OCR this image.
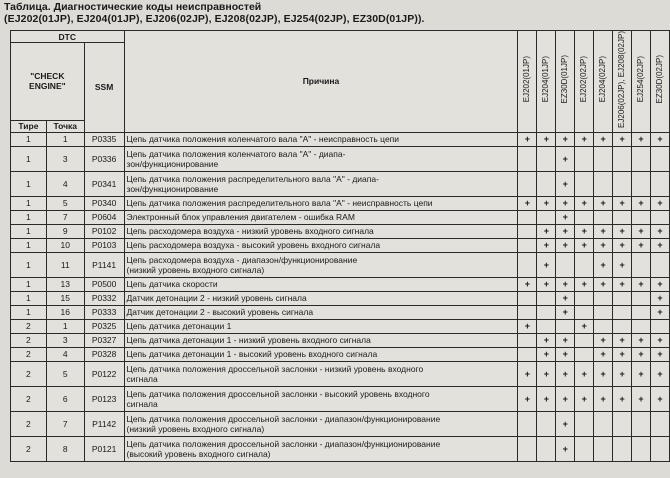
Таблица. Диагностические коды неисправностей
(EJ202(01JP), EJ204(01JP), EJ206(02JP), EJ208(02JP), EJ254(02JP), EZ30D(01JP)).
DTC			Причина	EJ202(01JP)	EJ204(01JP)	EZ30D(01JP)	EJ202(02JP)	EJ204(02JP)	EJ206(02JP), EJ208(02JP)	EJ254(02JP)	EZ30D(02JP)
"CHECK ENGINE"		SSM									
Тире	Точка										
1	1	P0335	Цепь датчика положения коленчатого вала "А" - неисправность цепи	+	+	+	+	+	+	+	+
1	3	P0336	Цепь датчика положения коленчатого вала "А" - диапа-
зон/функционирование			+					
1	4	P0341	Цепь датчика положения распределительного вала "А" - диапа-
зон/функционирование			+					
1	5	P0340	Цепь датчика положения распределительного вала "А" - неисправность цепи	+	+	+	+	+	+	+	+
1	7	P0604	Электронный блок управления двигателем - ошибка RAM			+					
1	9	P0102	Цепь расходомера воздуха - низкий уровень входного сигнала		+	+	+	+	+	+	+
1	10	P0103	Цепь расходомера воздуха - высокий уровень входного сигнала		+	+	+	+	+	+	+
1	11	P1141	Цепь расходомера воздуха - диапазон/функционирование
(низкий уровень входного сигнала)		+			+	+		
1	13	P0500	Цепь датчика скорости	+	+	+	+	+	+	+	+
1	15	P0332	Датчик детонации 2 - низкий уровень сигнала			+					+
1	16	P0333	Датчик детонации 2 - высокий уровень сигнала			+					+
2	1	P0325	Цепь датчика детонации 1	+			+				
2	3	P0327	Цепь датчика детонации 1 - низкий уровень входного сигнала		+	+		+	+	+	+
2	4	P0328	Цепь датчика детонации 1 - высокий уровень входного сигнала		+	+		+	+	+	+
2	5	P0122	Цепь датчика положения дроссельной заслонки - низкий уровень входного
сигнала	+	+	+	+	+	+	+	+
2	6	P0123	Цепь датчика положения дроссельной заслонки - высокий уровень входного
сигнала	+	+	+	+	+	+	+	+
2	7	P1142	Цепь датчика положения дроссельной заслонки - диапазон/функционирование
(низкий уровень входного сигнала)			+					
2	8	P0121	Цепь датчика положения дроссельной заслонки - диапазон/функционирование
(высокий уровень входного сигнала)			+					
